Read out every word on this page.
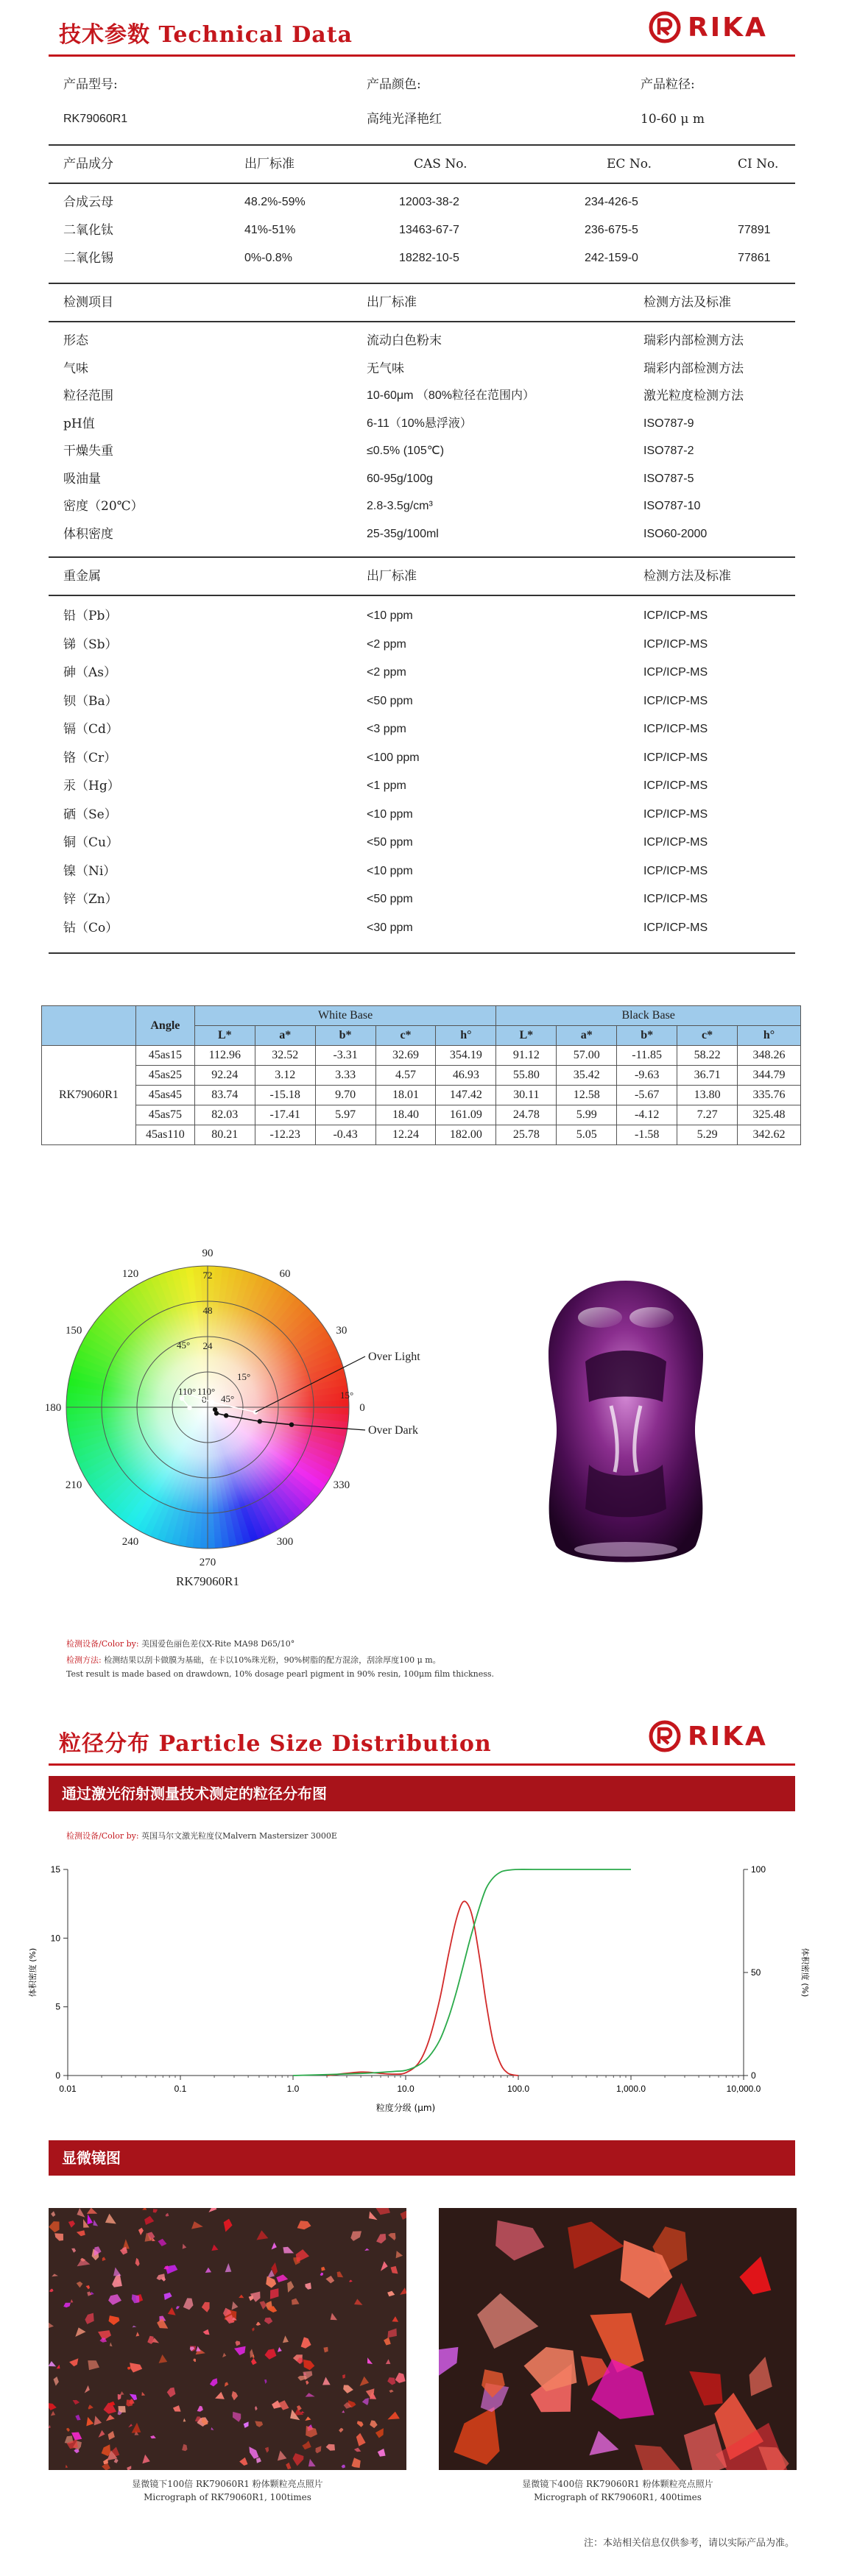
技术参数 Technical Data	RIKA
产品型号:	产品颜色:	产品粒径:
RK79060R1	高纯光泽艳红	10-60 μ m
	Angle	White Base					Black Base				
		L*	a*	b*	c*	h°	L*	a*	b*	c*	h°
RK79060R1	45as15	112.96	32.52	-3.31	32.69	354.19	91.12	57.00	-11.85	58.22	348.26
	45as25	92.24	3.12	3.33	4.57	46.93	55.80	35.42	-9.63	36.71	344.79
	45as45	83.74	-15.18	9.70	18.01	147.42	30.11	12.58	-5.67	13.80	335.76
	45as75	82.03	-17.41	5.97	18.40	161.09	24.78	5.99	-4.12	7.27	325.48
	45as110	80.21	-12.23	-0.43	12.24	182.00	25.78	5.05	-1.58	5.29	342.62
90
60
30
0
330
300
270
240
210
180
150
120	72
48
24
0
Over Light
Over Dark
45°
15°
110° 110°
45°	15°
RK79060R1
检测设备/Color by: 美国爱色丽色差仪X-Rite MA98 D65/10°
检测方法: 检测结果以刮卡做膜为基础，在卡以10%珠光粉，90%树脂的配方混涂，刮涂厚度100 μ m。
Test result is made based on drawdown, 10% dosage pearl pigment in 90% resin, 100μm film thickness.
粒径分布 Particle Size Distribution	RIKA
通过激光衍射测量技术测定的粒径分布图
检测设备/Color by: 英国马尔文激光粒度仪Malvern Mastersizer 3000E
0.01	0.1	1.0	10.0	100.0	1,000.0	10,000.0
0
5
10
15
0
50
100
粒度分级 (μm)
体积密度 (%)	体积密度 (%)
显微镜图
显微镜下100倍 RK79060R1 粉体颗粒亮点照片
Micrograph of RK79060R1, 100times
显微镜下400倍 RK79060R1 粉体颗粒亮点照片
Micrograph of RK79060R1, 400times
注：本站相关信息仅供参考，请以实际产品为准。
产品成分	出厂标准	CAS No.	EC No.	CI No.
合成云母	48.2%-59%	12003-38-2	234-426-5
二氧化钛	41%-51%	13463-67-7	236-675-5	77891
二氧化锡	0%-0.8%	18282-10-5	242-159-0	77861
检测项目	出厂标准	检测方法及标准
形态	流动白色粉末	瑞彩内部检测方法
气味	无气味	瑞彩内部检测方法
粒径范围	10-60μm （80%粒径在范围内）	激光粒度检测方法
pH值	6-11（10%悬浮液）	ISO787-9
干燥失重	≤0.5% (105℃)	ISO787-2
吸油量	60-95g/100g	ISO787-5
密度（20℃）	2.8-3.5g/cm³	ISO787-10
体积密度	25-35g/100ml	ISO60-2000
重金属	出厂标准	检测方法及标准
铅（Pb）	<10 ppm	ICP/ICP-MS
锑（Sb）	<2 ppm	ICP/ICP-MS
砷（As）	<2 ppm	ICP/ICP-MS
钡（Ba）	<50 ppm	ICP/ICP-MS
镉（Cd）	<3 ppm	ICP/ICP-MS
铬（Cr）	<100 ppm	ICP/ICP-MS
汞（Hg）	<1 ppm	ICP/ICP-MS
硒（Se）	<10 ppm	ICP/ICP-MS
铜（Cu）	<50 ppm	ICP/ICP-MS
镍（Ni）	<10 ppm	ICP/ICP-MS
锌（Zn）	<50 ppm	ICP/ICP-MS
钴（Co）	<30 ppm	ICP/ICP-MS
